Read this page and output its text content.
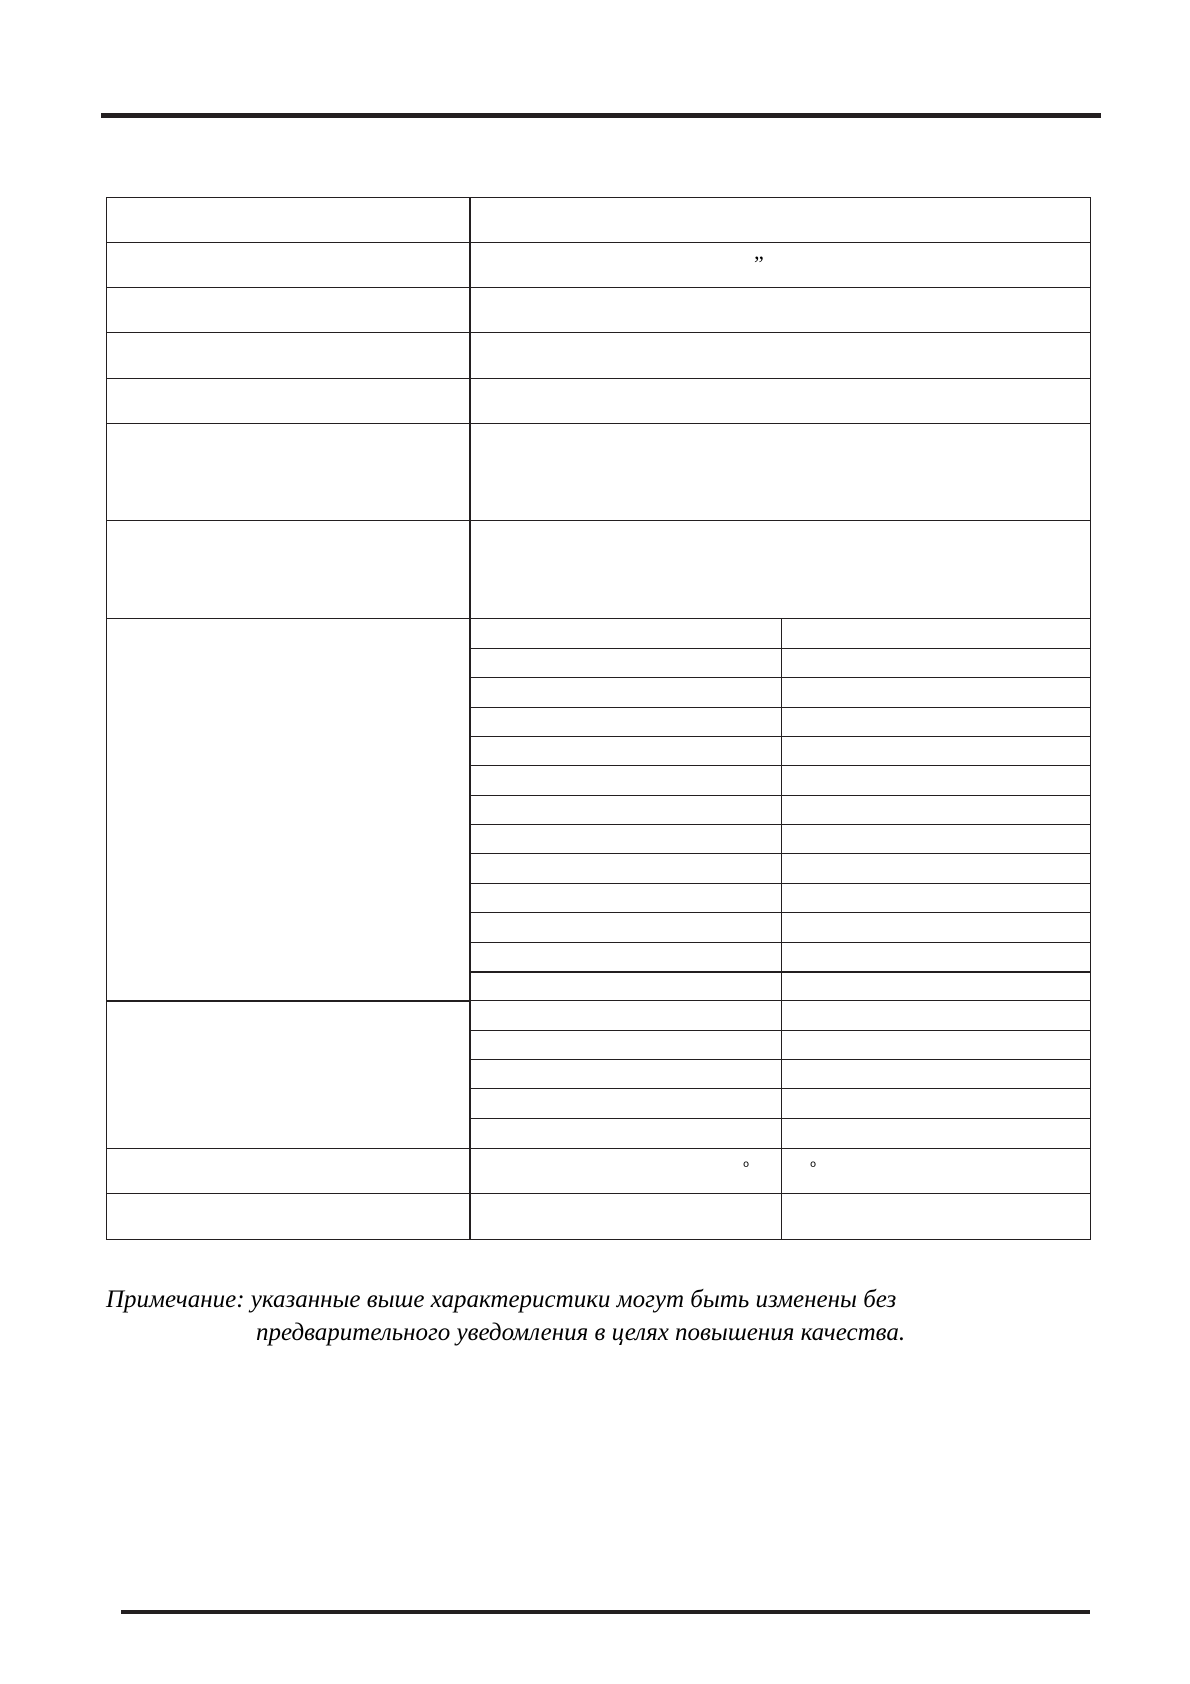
”
o	o
Примечание: указанные выше характеристики могут быть изменены без
предварительного уведомления в целях повышения качества.
